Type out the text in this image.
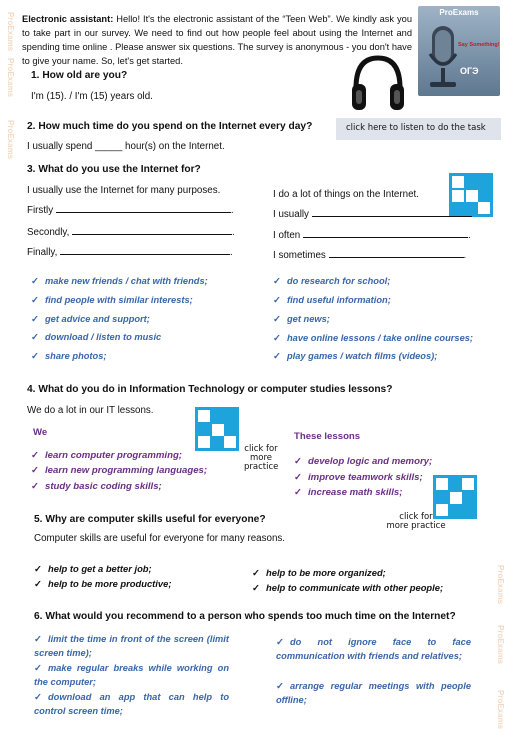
ProExams
ProExams
ProExams
ProExams
ProExams
ProExams
Electronic assistant: Hello! It's the electronic assistant of the “Teen Web”. We kindly ask you to take part in our survey. We need to find out how people feel about using the Internet and spending time online . Please answer six questions. The survey is anonymous - you don't have to give your name. So, let's get started.
ProExams
Say Something!
ОГЭ
click here to listen to do the task
1. How old are you?
I'm (15). / I'm (15) years old.
2. How much time do you spend on the Internet every day?
I usually spend _____ hour(s) on the Internet.
3. What do you use the Internet for?
I usually use the Internet for many purposes.
Firstly	.
Secondly,	.
Finally,	.
I do a lot of things on the Internet.
I usually
I often	.
I sometimes	.
✓ make new friends / chat with friends;
✓ find people with similar interests;
✓ get advice and support;
✓ download / listen to music
✓ share photos;
✓ do research for school;
✓ find useful information;
✓ get news;
✓ have online lessons / take online courses;
✓ play games / watch films (videos);
4. What do you do in Information Technology or computer studies lessons?
We do a lot in our IT lessons.
We	These lessons
click for
more practice
✓ learn computer programming;
✓ learn new programming languages;
✓ study basic coding skills;
✓ develop logic and memory;
✓ improve teamwork skills;
✓ increase math skills;
click for
more practice
5. Why are computer skills useful for everyone?
Computer skills are useful for everyone for many reasons.
✓ help to get a better job;
✓ help to be more productive;
✓ help to be more organized;
✓ help to communicate with other people;
6. What would you recommend to a person who spends too much time on the Internet?
✓ limit the time in front of the screen (limit screen time);
✓ make regular breaks while working on the computer;
✓ download an app that can help to control screen time;
✓ do not ignore face to face communication with friends and relatives;
✓ arrange regular meetings with people offline;
